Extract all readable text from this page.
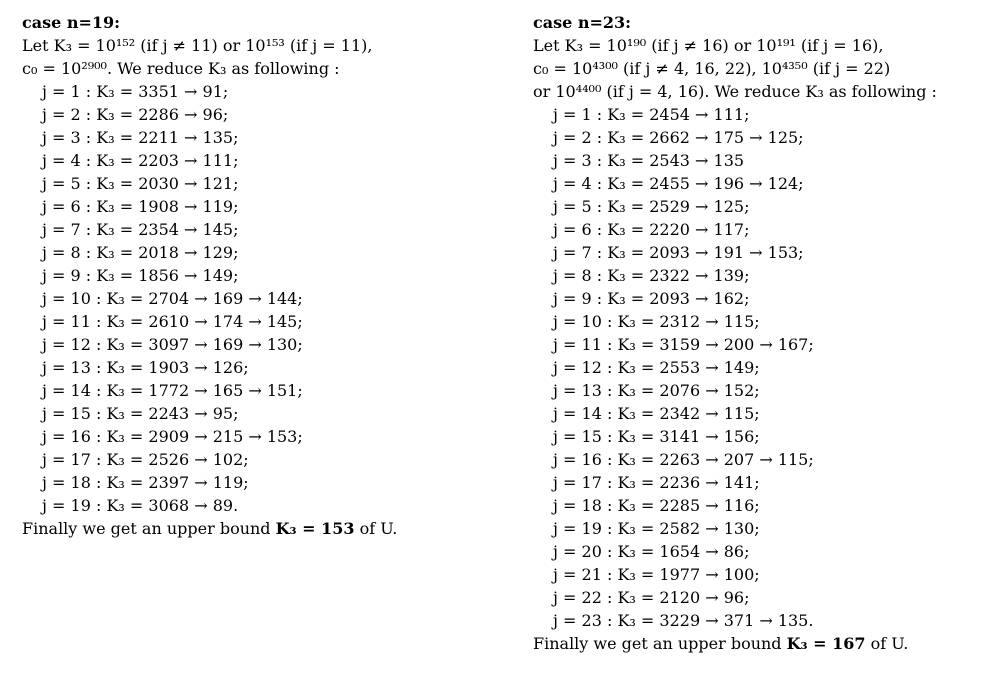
case n=19:
Let K₃ = 10¹⁵² (if j ≠ 11) or 10¹⁵³ (if j = 11),
c₀ = 10²⁹⁰⁰. We reduce K₃ as following :
j = 1 : K₃ = 3351 → 91;
j = 2 : K₃ = 2286 → 96;
j = 3 : K₃ = 2211 → 135;
j = 4 : K₃ = 2203 → 111;
j = 5 : K₃ = 2030 → 121;
j = 6 : K₃ = 1908 → 119;
j = 7 : K₃ = 2354 → 145;
j = 8 : K₃ = 2018 → 129;
j = 9 : K₃ = 1856 → 149;
j = 10 : K₃ = 2704 → 169 → 144;
j = 11 : K₃ = 2610 → 174 → 145;
j = 12 : K₃ = 3097 → 169 → 130;
j = 13 : K₃ = 1903 → 126;
j = 14 : K₃ = 1772 → 165 → 151;
j = 15 : K₃ = 2243 → 95;
j = 16 : K₃ = 2909 → 215 → 153;
j = 17 : K₃ = 2526 → 102;
j = 18 : K₃ = 2397 → 119;
j = 19 : K₃ = 3068 → 89.
Finally we get an upper bound K₃ = 153 of U.
case n=23:
Let K₃ = 10¹⁹⁰ (if j ≠ 16) or 10¹⁹¹ (if j = 16),
c₀ = 10⁴³⁰⁰ (if j ≠ 4, 16, 22), 10⁴³⁵⁰ (if j = 22)
or 10⁴⁴⁰⁰ (if j = 4, 16). We reduce K₃ as following :
j = 1 : K₃ = 2454 → 111;
j = 2 : K₃ = 2662 → 175 → 125;
j = 3 : K₃ = 2543 → 135
j = 4 : K₃ = 2455 → 196 → 124;
j = 5 : K₃ = 2529 → 125;
j = 6 : K₃ = 2220 → 117;
j = 7 : K₃ = 2093 → 191 → 153;
j = 8 : K₃ = 2322 → 139;
j = 9 : K₃ = 2093 → 162;
j = 10 : K₃ = 2312 → 115;
j = 11 : K₃ = 3159 → 200 → 167;
j = 12 : K₃ = 2553 → 149;
j = 13 : K₃ = 2076 → 152;
j = 14 : K₃ = 2342 → 115;
j = 15 : K₃ = 3141 → 156;
j = 16 : K₃ = 2263 → 207 → 115;
j = 17 : K₃ = 2236 → 141;
j = 18 : K₃ = 2285 → 116;
j = 19 : K₃ = 2582 → 130;
j = 20 : K₃ = 1654 → 86;
j = 21 : K₃ = 1977 → 100;
j = 22 : K₃ = 2120 → 96;
j = 23 : K₃ = 3229 → 371 → 135.
Finally we get an upper bound K₃ = 167 of U.
